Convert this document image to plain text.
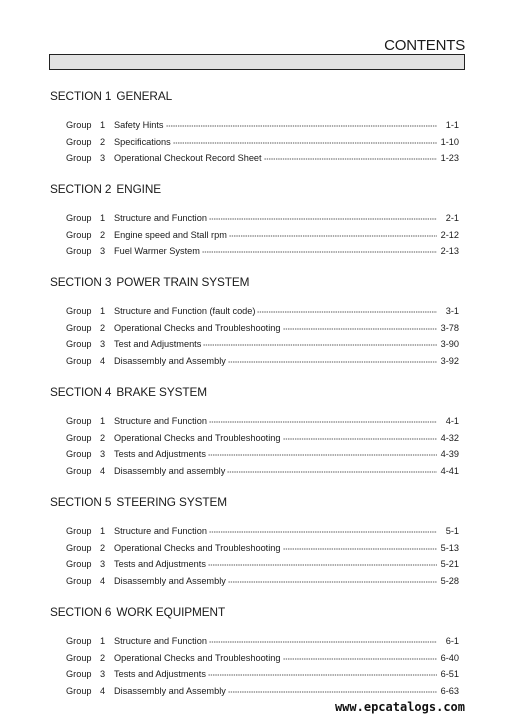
CONTENTS
SECTION 1 GENERAL
Group 1 Safety Hints	1-1
Group 2 Specifications	1-10
Group 3 Operational Checkout Record Sheet	1-23
SECTION 2 ENGINE
Group 1 Structure and Function	2-1
Group 2 Engine speed and Stall rpm	2-12
Group 3 Fuel Warmer System	2-13
SECTION 3 POWER TRAIN SYSTEM
Group 1 Structure and Function (fault code)	3-1
Group 2 Operational Checks and Troubleshooting	3-78
Group 3 Test and Adjustments	3-90
Group 4 Disassembly and Assembly	3-92
SECTION 4 BRAKE SYSTEM
Group 1 Structure and Function	4-1
Group 2 Operational Checks and Troubleshooting	4-32
Group 3 Tests and Adjustments	4-39
Group 4 Disassembly and assembly	4-41
SECTION 5 STEERING SYSTEM
Group 1 Structure and Function	5-1
Group 2 Operational Checks and Troubleshooting	5-13
Group 3 Tests and Adjustments	5-21
Group 4 Disassembly and Assembly	5-28
SECTION 6 WORK EQUIPMENT
Group 1 Structure and Function	6-1
Group 2 Operational Checks and Troubleshooting	6-40
Group 3 Tests and Adjustments	6-51
Group 4 Disassembly and Assembly	6-63
www.epcatalogs.com
